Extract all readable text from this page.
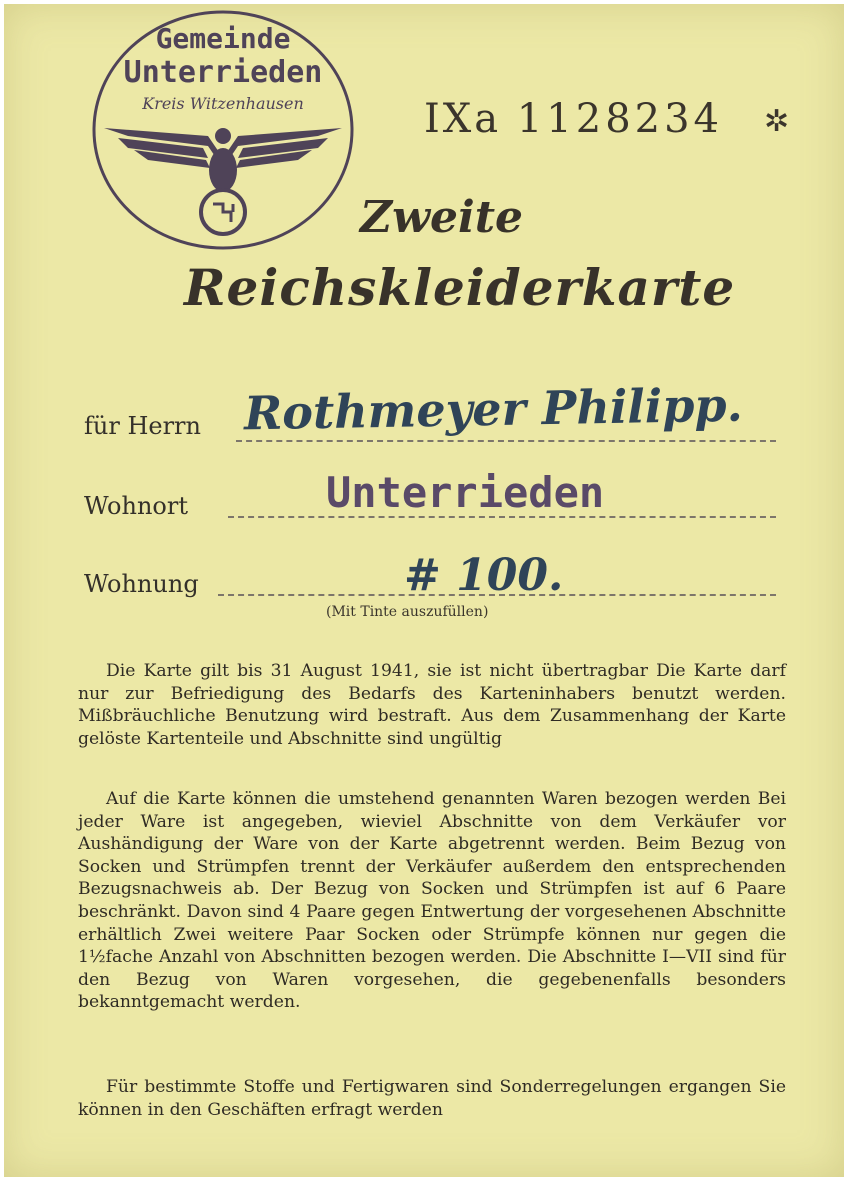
Gemeinde
Unterrieden
Kreis Witzenhausen	IXa 1128234 ✲
Zweite
Reichskleiderkarte
für Herrn Rothmeyer Philipp.
Wohnort	Unterrieden
Wohnung	# 100.
(Mit Tinte auszufüllen)

Die Karte gilt bis 31 August 1941, sie ist nicht übertragbar Die Karte darf nur zur Befriedigung des Bedarfs des Karteninhabers benutzt werden. Mißbräuchliche Benutzung wird bestraft. Aus dem Zusammenhang der Karte gelöste Kartenteile und Abschnitte sind ungültig

Auf die Karte können die umstehend genannten Waren bezogen werden Bei jeder Ware ist angegeben, wieviel Abschnitte von dem Verkäufer vor Aushändigung der Ware von der Karte abgetrennt werden. Beim Bezug von Socken und Strümpfen trennt der Verkäufer außerdem den entsprechenden Bezugsnachweis ab. Der Bezug von Socken und Strümpfen ist auf 6 Paare beschränkt. Davon sind 4 Paare gegen Entwertung der vorgesehenen Abschnitte erhältlich Zwei weitere Paar Socken oder Strümpfe können nur gegen die 1½fache Anzahl von Abschnitten bezogen werden. Die Abschnitte I—VII sind für den Bezug von Waren vorgesehen, die gegebenenfalls besonders bekanntgemacht werden.

Für bestimmte Stoffe und Fertigwaren sind Sonderregelungen ergangen Sie können in den Geschäften erfragt werden
